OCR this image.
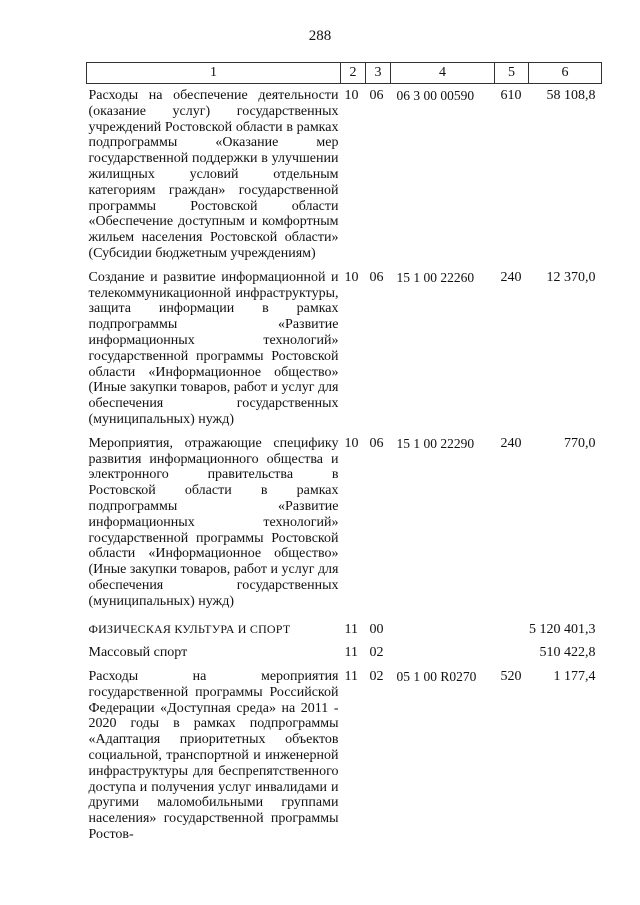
288
1	2	3	4	5	6
Расходы на обеспечение деятельности (оказание услуг) государственных учреждений Ростовской области в рамках подпрограммы «Оказание мер государственной поддержки в улучшении жилищных условий отдельным категориям граждан» государственной программы Ростовской области «Обеспечение доступным и комфортным жильем населения Ростовской области» (Субсидии бюджетным учреждениям)	10	06	06 3 00 00590	610	58 108,8
Создание и развитие информационной и телекоммуникационной инфраструктуры, защита информации в рамках подпрограммы «Развитие информационных технологий» государственной программы Ростовской области «Информационное общество» (Иные закупки товаров, работ и услуг для обеспечения государственных (муниципальных) нужд)	10	06	15 1 00 22260	240	12 370,0
Мероприятия, отражающие специфику развития информационного общества и электронного правительства в Ростовской области в рамках подпрограммы «Развитие информационных технологий» государственной программы Ростовской области «Информационное общество» (Иные закупки товаров, работ и услуг для обеспечения государственных (муниципальных) нужд)	10	06	15 1 00 22290	240	770,0
ФИЗИЧЕСКАЯ КУЛЬТУРА И СПОРТ	11	00			5 120 401,3
Массовый спорт	11	02			510 422,8
Расходы на мероприятия государственной программы Российской Федерации «Доступная среда» на 2011 - 2020 годы в рамках подпрограммы «Адаптация приоритетных объектов социальной, транспортной и инженерной инфраструктуры для беспрепятственного доступа и получения услуг инвалидами и другими маломобильными группами населения» государственной программы Ростов-	11	02	05 1 00 R0270	520	1 177,4
